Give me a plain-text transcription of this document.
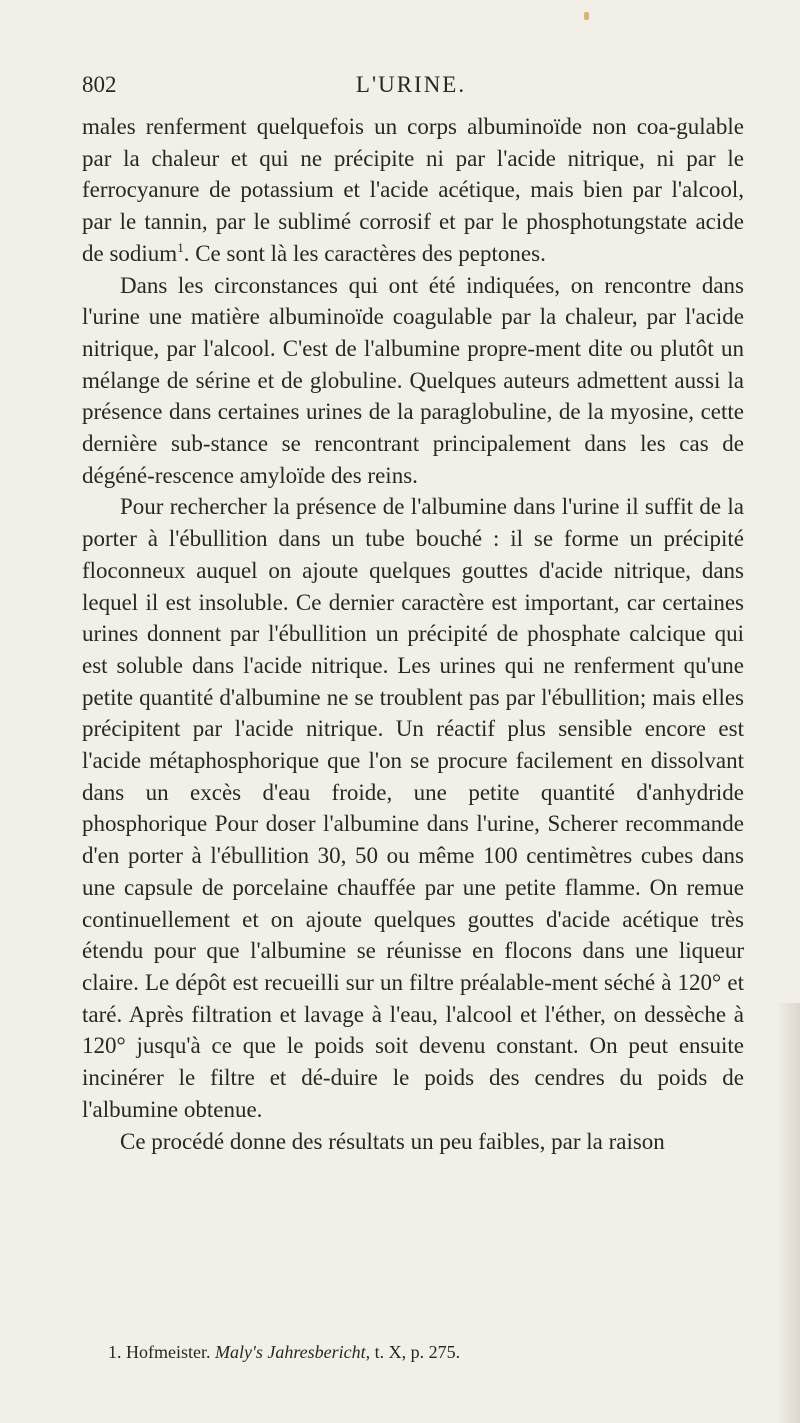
802	L'URINE.

males renferment quelquefois un corps albuminoïde non coa-gulable par la chaleur et qui ne précipite ni par l'acide nitrique, ni par le ferrocyanure de potassium et l'acide acétique, mais bien par l'alcool, par le tannin, par le sublimé corrosif et par le phosphotungstate acide de sodium$^1$. Ce sont là les caractères des peptones.

Dans les circonstances qui ont été indiquées, on rencontre dans l'urine une matière albuminoïde coagulable par la chaleur, par l'acide nitrique, par l'alcool. C'est de l'albumine propre-ment dite ou plutôt un mélange de sérine et de globuline. Quelques auteurs admettent aussi la présence dans certaines urines de la paraglobuline, de la myosine, cette dernière sub-stance se rencontrant principalement dans les cas de dégéné-rescence amyloïde des reins.

Pour rechercher la présence de l'albumine dans l'urine il suffit de la porter à l'ébullition dans un tube bouché : il se forme un précipité floconneux auquel on ajoute quelques gouttes d'acide nitrique, dans lequel il est insoluble. Ce dernier caractère est important, car certaines urines donnent par l'ébullition un précipité de phosphate calcique qui est soluble dans l'acide nitrique. Les urines qui ne renferment qu'une petite quantité d'albumine ne se troublent pas par l'ébullition; mais elles précipitent par l'acide nitrique. Un réactif plus sensible encore est l'acide métaphosphorique que l'on se procure facilement en dissolvant dans un excès d'eau froide, une petite quantité d'anhydride phosphorique Pour doser l'albumine dans l'urine, Scherer recommande d'en porter à l'ébullition 30, 50 ou même 100 centimètres cubes dans une capsule de porcelaine chauffée par une petite flamme. On remue continuellement et on ajoute quelques gouttes d'acide acétique très étendu pour que l'albumine se réunisse en flocons dans une liqueur claire. Le dépôt est recueilli sur un filtre préalable-ment séché à 120° et taré. Après filtration et lavage à l'eau, l'alcool et l'éther, on dessèche à 120° jusqu'à ce que le poids soit devenu constant. On peut ensuite incinérer le filtre et dé-duire le poids des cendres du poids de l'albumine obtenue.

Ce procédé donne des résultats un peu faibles, par la raison

1. Hofmeister. Maly's Jahresbericht, t. X, p. 275.
